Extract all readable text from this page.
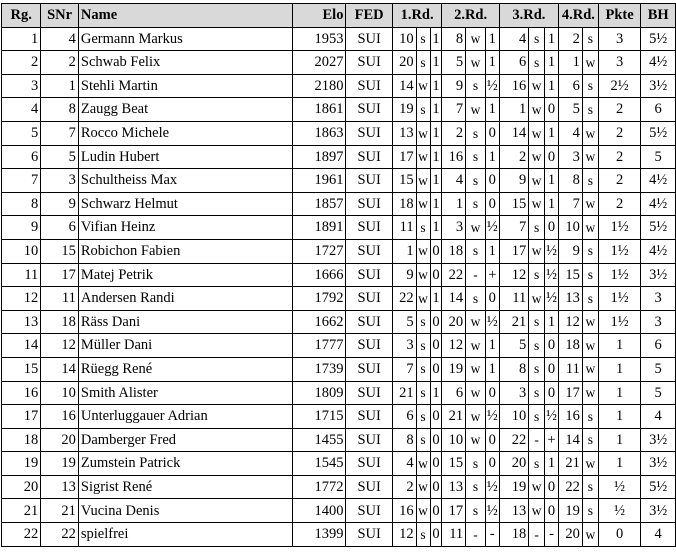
Rg.	SNr	Name	Elo	FED	1.Rd.			2.Rd.			3.Rd.			4.Rd.		Pkte	BH
1	4	Germann Markus	1953	SUI	10	s	1	8	w	1	4	s	1	2	s	3	5½
2	2	Schwab Felix	2027	SUI	20	s	1	5	w	1	6	s	1	1	w	3	4½
3	1	Stehli Martin	2180	SUI	14	w	1	9	s	½	16	w	1	6	s	2½	3½
4	8	Zaugg Beat	1861	SUI	19	s	1	7	w	1	1	w	0	5	s	2	6
5	7	Rocco Michele	1863	SUI	13	w	1	2	s	0	14	w	1	4	w	2	5½
6	5	Ludin Hubert	1897	SUI	17	w	1	16	s	1	2	w	0	3	w	2	5
7	3	Schultheiss Max	1961	SUI	15	w	1	4	s	0	9	w	1	8	s	2	4½
8	9	Schwarz Helmut	1857	SUI	18	w	1	1	s	0	15	w	1	7	w	2	4½
9	6	Vifian Heinz	1891	SUI	11	s	1	3	w	½	7	s	0	10	w	1½	5½
10	15	Robichon Fabien	1727	SUI	1	w	0	18	s	1	17	w	½	9	s	1½	4½
11	17	Matej Petrik	1666	SUI	9	w	0	22	-	+	12	s	½	15	s	1½	3½
12	11	Andersen Randi	1792	SUI	22	w	1	14	s	0	11	w	½	13	s	1½	3
13	18	Räss Dani	1662	SUI	5	s	0	20	w	½	21	s	1	12	w	1½	3
14	12	Müller Dani	1777	SUI	3	s	0	12	w	1	5	s	0	18	w	1	6
15	14	Rüegg René	1739	SUI	7	s	0	19	w	1	8	s	0	11	w	1	5
16	10	Smith Alister	1809	SUI	21	s	1	6	w	0	3	s	0	17	w	1	5
17	16	Unterluggauer Adrian	1715	SUI	6	s	0	21	w	½	10	s	½	16	s	1	4
18	20	Damberger Fred	1455	SUI	8	s	0	10	w	0	22	-	+	14	s	1	3½
19	19	Zumstein Patrick	1545	SUI	4	w	0	15	s	0	20	s	1	21	w	1	3½
20	13	Sigrist René	1772	SUI	2	w	0	13	s	½	19	w	0	22	s	½	5½
21	21	Vucina Denis	1400	SUI	16	w	0	17	s	½	13	w	0	19	s	½	3½
22	22	spielfrei	1399	SUI	12	s	0	11	-	-	18	-	-	20	w	0	4
